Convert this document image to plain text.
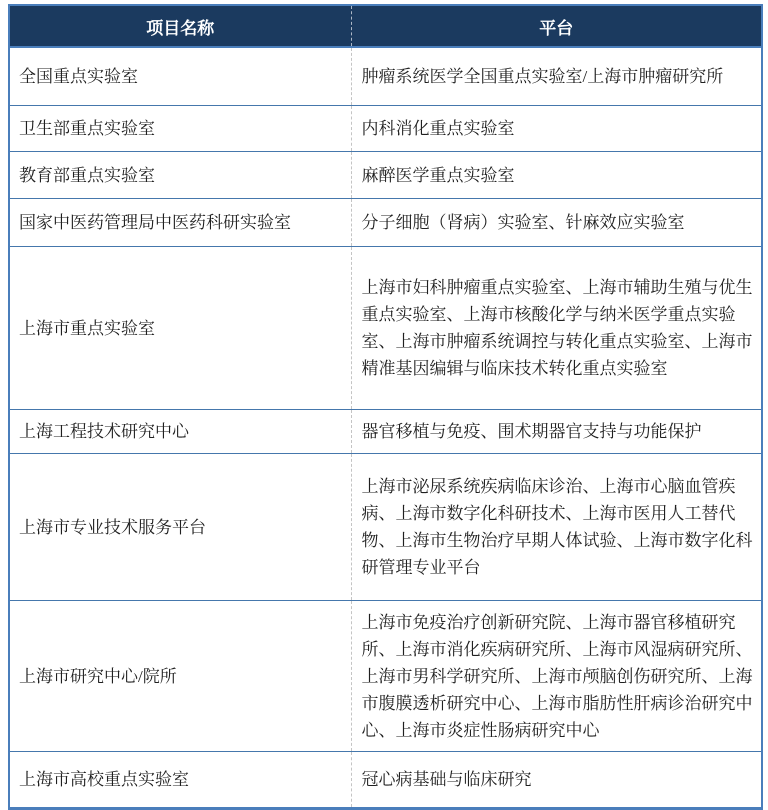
项目名称	平台
全国重点实验室	肿瘤系统医学全国重点实验室/上海市肿瘤研究所
卫生部重点实验室	内科消化重点实验室
教育部重点实验室	麻醉医学重点实验室
国家中医药管理局中医药科研实验室	分子细胞（肾病）实验室、针麻效应实验室
上海市重点实验室	上海市妇科肿瘤重点实验室、上海市辅助生殖与优生重点实验室、上海市核酸化学与纳米医学重点实验室、上海市肿瘤系统调控与转化重点实验室、上海市精准基因编辑与临床技术转化重点实验室
上海工程技术研究中心	器官移植与免疫、围术期器官支持与功能保护
上海市专业技术服务平台	上海市泌尿系统疾病临床诊治、上海市心脑血管疾病、上海市数字化科研技术、上海市医用人工替代物、上海市生物治疗早期人体试验、上海市数字化科研管理专业平台
上海市研究中心/院所	上海市免疫治疗创新研究院、上海市器官移植研究所、上海市消化疾病研究所、上海市风湿病研究所、上海市男科学研究所、上海市颅脑创伤研究所、上海市腹膜透析研究中心、上海市脂肪性肝病诊治研究中心、上海市炎症性肠病研究中心
上海市高校重点实验室	冠心病基础与临床研究
